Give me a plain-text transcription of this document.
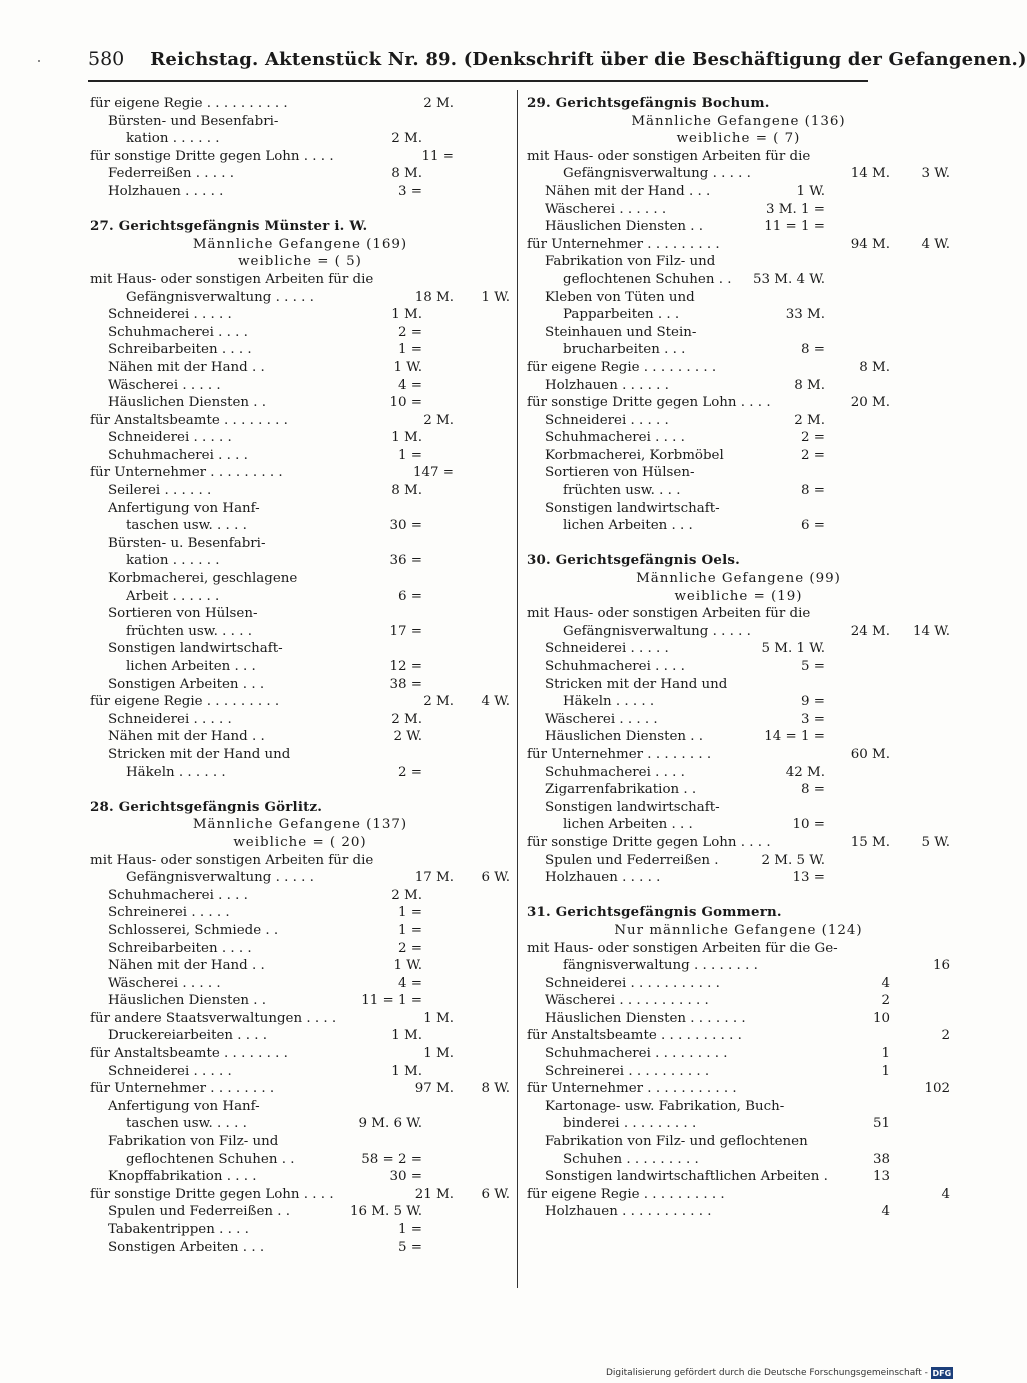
580 Reichstag. Aktenstück Nr. 89. (Denkschrift über die Beschäftigung der Gefangenen.)
für eigene Regie . . . . . . . . . .	2 M.
Bürsten- und Besenfabri-
kation . . . . . .	2 M.
für sonstige Dritte gegen Lohn . . . .	11 =
Federreißen . . . . .	8 M.
Holzhauen . . . . .	3 =
27. Gerichtsgefängnis Münster i. W.
Männliche Gefangene (169)
weibliche = ( 5)
mit Haus- oder sonstigen Arbeiten für die
Gefängnisverwaltung . . . . .	18 M. 1 W.
Schneiderei . . . . .	1 M.
Schuhmacherei . . . .	2 =
Schreibarbeiten . . . .	1 =
Nähen mit der Hand . .	1 W.
Wäscherei . . . . .	4 =
Häuslichen Diensten . .	10 =
für Anstaltsbeamte . . . . . . . .	2 M.
Schneiderei . . . . .	1 M.
Schuhmacherei . . . .	1 =
für Unternehmer . . . . . . . . .	147 =
Seilerei . . . . . .	8 M.
Anfertigung von Hanf-
taschen usw. . . . .	30 =
Bürsten- u. Besenfabri-
kation . . . . . .	36 =
Korbmacherei, geschlagene
Arbeit . . . . . .	6 =
Sortieren von Hülsen-
früchten usw. . . . .	17 =
Sonstigen landwirtschaft-
lichen Arbeiten . . .	12 =
Sonstigen Arbeiten . . .	38 =
für eigene Regie . . . . . . . . .	2 M. 4 W.
Schneiderei . . . . .	2 M.
Nähen mit der Hand . .	2 W.
Stricken mit der Hand und
Häkeln . . . . . .	2 =
28. Gerichtsgefängnis Görlitz.
Männliche Gefangene (137)
weibliche = ( 20)
mit Haus- oder sonstigen Arbeiten für die
Gefängnisverwaltung . . . . .	17 M. 6 W.
Schuhmacherei . . . .	2 M.
Schreinerei . . . . .	1 =
Schlosserei, Schmiede . .	1 =
Schreibarbeiten . . . .	2 =
Nähen mit der Hand . .	1 W.
Wäscherei . . . . .	4 =
Häuslichen Diensten . .	11 = 1 =
für andere Staatsverwaltungen . . . .	1 M.
Druckereiarbeiten . . . .	1 M.
für Anstaltsbeamte . . . . . . . .	1 M.
Schneiderei . . . . .	1 M.
für Unternehmer . . . . . . . .	97 M. 8 W.
Anfertigung von Hanf-
taschen usw. . . . .	9 M. 6 W.
Fabrikation von Filz- und
geflochtenen Schuhen . .	58 = 2 =
Knopffabrikation . . . .	30 =
für sonstige Dritte gegen Lohn . . . .	21 M. 6 W.
Spulen und Federreißen . .	16 M. 5 W.
Tabakentrippen . . . .	1 =
Sonstigen Arbeiten . . .	5 =
29. Gerichtsgefängnis Bochum.
Männliche Gefangene (136)
weibliche = ( 7)
mit Haus- oder sonstigen Arbeiten für die
Gefängnisverwaltung . . . . .	14 M. 3 W.
Nähen mit der Hand . . .	1 W.
Wäscherei . . . . . .	3 M. 1 =
Häuslichen Diensten . .	11 = 1 =
für Unternehmer . . . . . . . . .	94 M. 4 W.
Fabrikation von Filz- und
geflochtenen Schuhen . . 53 M. 4 W.
Kleben von Tüten und
Papparbeiten . . .	33 M.
Steinhauen und Stein-
brucharbeiten . . .	8 =
für eigene Regie . . . . . . . . .	8 M.
Holzhauen . . . . . .	8 M.
für sonstige Dritte gegen Lohn . . . .	20 M.
Schneiderei . . . . .	2 M.
Schuhmacherei . . . .	2 =
Korbmacherei, Korbmöbel	2 =
Sortieren von Hülsen-
früchten usw. . . .	8 =
Sonstigen landwirtschaft-
lichen Arbeiten . . .	6 =
30. Gerichtsgefängnis Oels.
Männliche Gefangene (99)
weibliche = (19)
mit Haus- oder sonstigen Arbeiten für die
Gefängnisverwaltung . . . . .	24 M. 14 W.
Schneiderei . . . . .	5 M. 1 W.
Schuhmacherei . . . .	5 =
Stricken mit der Hand und
Häkeln . . . . .	9 =
Wäscherei . . . . .	3 =
Häuslichen Diensten . .	14 = 1 =
für Unternehmer . . . . . . . .	60 M.
Schuhmacherei . . . .	42 M.
Zigarrenfabrikation . .	8 =
Sonstigen landwirtschaft-
lichen Arbeiten . . .	10 =
für sonstige Dritte gegen Lohn . . . .	15 M. 5 W.
Spulen und Federreißen .	2 M. 5 W.
Holzhauen . . . . .	13 =
31. Gerichtsgefängnis Gommern.
Nur männliche Gefangene (124)
mit Haus- oder sonstigen Arbeiten für die Ge-
fängnisverwaltung . . . . . . . .	16
Schneiderei . . . . . . . . . . .	4
Wäscherei . . . . . . . . . . .	2
Häuslichen Diensten . . . . . . .	10
für Anstaltsbeamte . . . . . . . . . .	2
Schuhmacherei . . . . . . . . .	1
Schreinerei . . . . . . . . . .	1
für Unternehmer . . . . . . . . . . .	102
Kartonage- usw. Fabrikation, Buch-
binderei . . . . . . . . .	51
Fabrikation von Filz- und geflochtenen
Schuhen . . . . . . . . .	38
Sonstigen landwirtschaftlichen Arbeiten .	13
für eigene Regie . . . . . . . . . .	4
Holzhauen . . . . . . . . . . .	4
Digitalisierung gefördert durch die Deutsche Forschungsgemeinschaft - DFG
